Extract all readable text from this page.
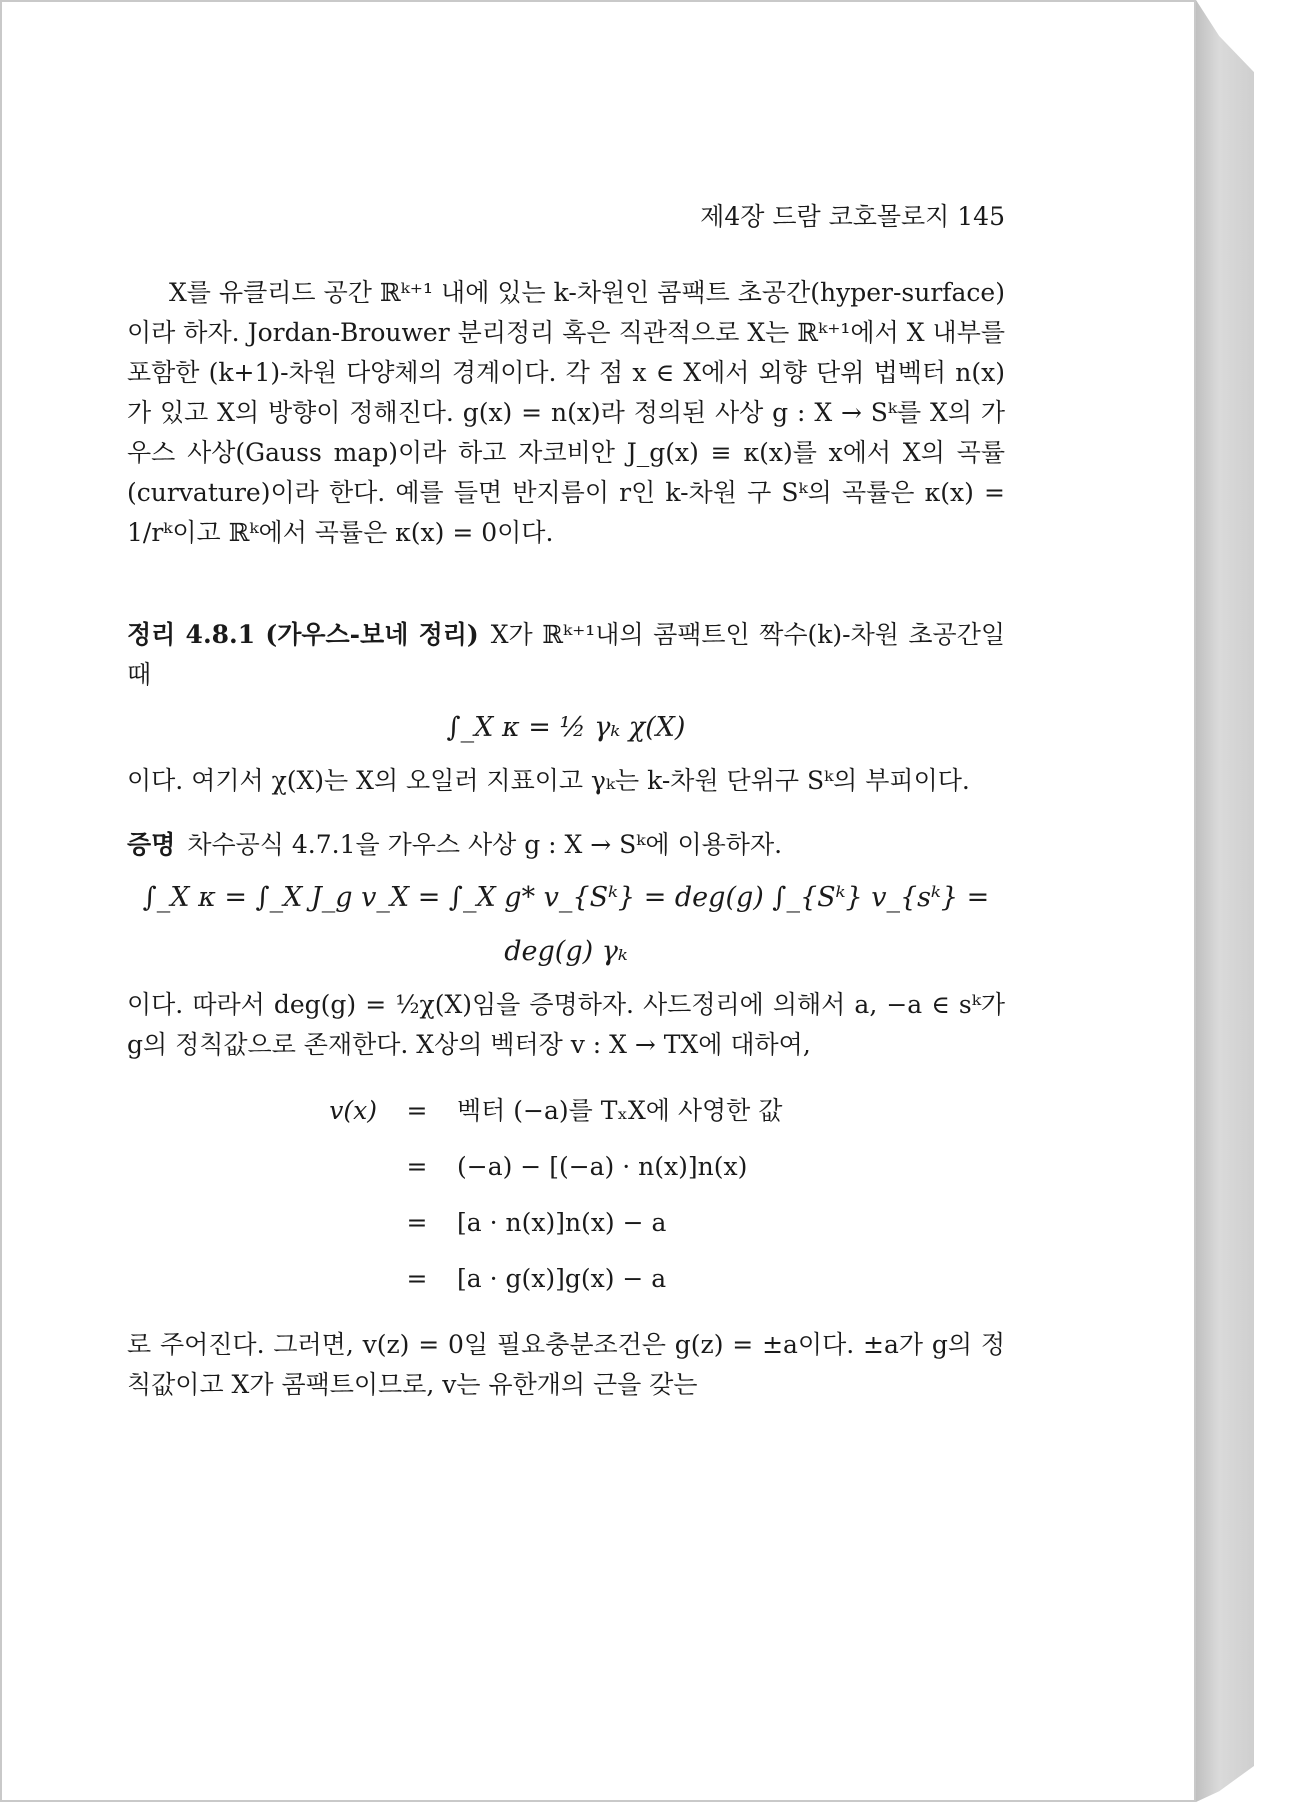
제4장 드람 코호몰로지 145

X를 유클리드 공간 ℝᵏ⁺¹ 내에 있는 k-차원인 콤팩트 초공간(hyper-surface)이라 하자. Jordan-Brouwer 분리정리 혹은 직관적으로 X는 ℝᵏ⁺¹에서 X 내부를 포함한 (k+1)-차원 다양체의 경계이다. 각 점 x ∈ X에서 외향 단위 법벡터 n(x)가 있고 X의 방향이 정해진다. g(x) = n(x)라 정의된 사상 g : X → Sᵏ를 X의 가우스 사상(Gauss map)이라 하고 자코비안 J_g(x) ≡ κ(x)를 x에서 X의 곡률(curvature)이라 한다. 예를 들면 반지름이 r인 k-차원 구 Sᵏ의 곡률은 κ(x) = 1/rᵏ이고 ℝᵏ에서 곡률은 κ(x) = 0이다.

정리 4.8.1 (가우스-보네 정리) X가 ℝᵏ⁺¹내의 콤팩트인 짝수(k)-차원 초공간일 때

∫_X κ = ½ γₖ χ(X)

이다. 여기서 χ(X)는 X의 오일러 지표이고 γₖ는 k-차원 단위구 Sᵏ의 부피이다.

증명 차수공식 4.7.1을 가우스 사상 g : X → Sᵏ에 이용하자.

∫_X κ = ∫_X J_g v_X = ∫_X g* v_{Sᵏ} = deg(g) ∫_{Sᵏ} v_{sᵏ} = deg(g) γₖ

이다. 따라서 deg(g) = ½χ(X)임을 증명하자. 사드정리에 의해서 a, −a ∈ sᵏ가 g의 정칙값으로 존재한다. X상의 벡터장 v : X → TX에 대하여,

v(x)	=	벡터 (−a)를 TₓX에 사영한 값
	=	(−a) − [(−a) · n(x)]n(x)
	=	[a · n(x)]n(x) − a
	=	[a · g(x)]g(x) − a

로 주어진다. 그러면, v(z) = 0일 필요충분조건은 g(z) = ±a이다. ±a가 g의 정칙값이고 X가 콤팩트이므로, v는 유한개의 근을 갖는
